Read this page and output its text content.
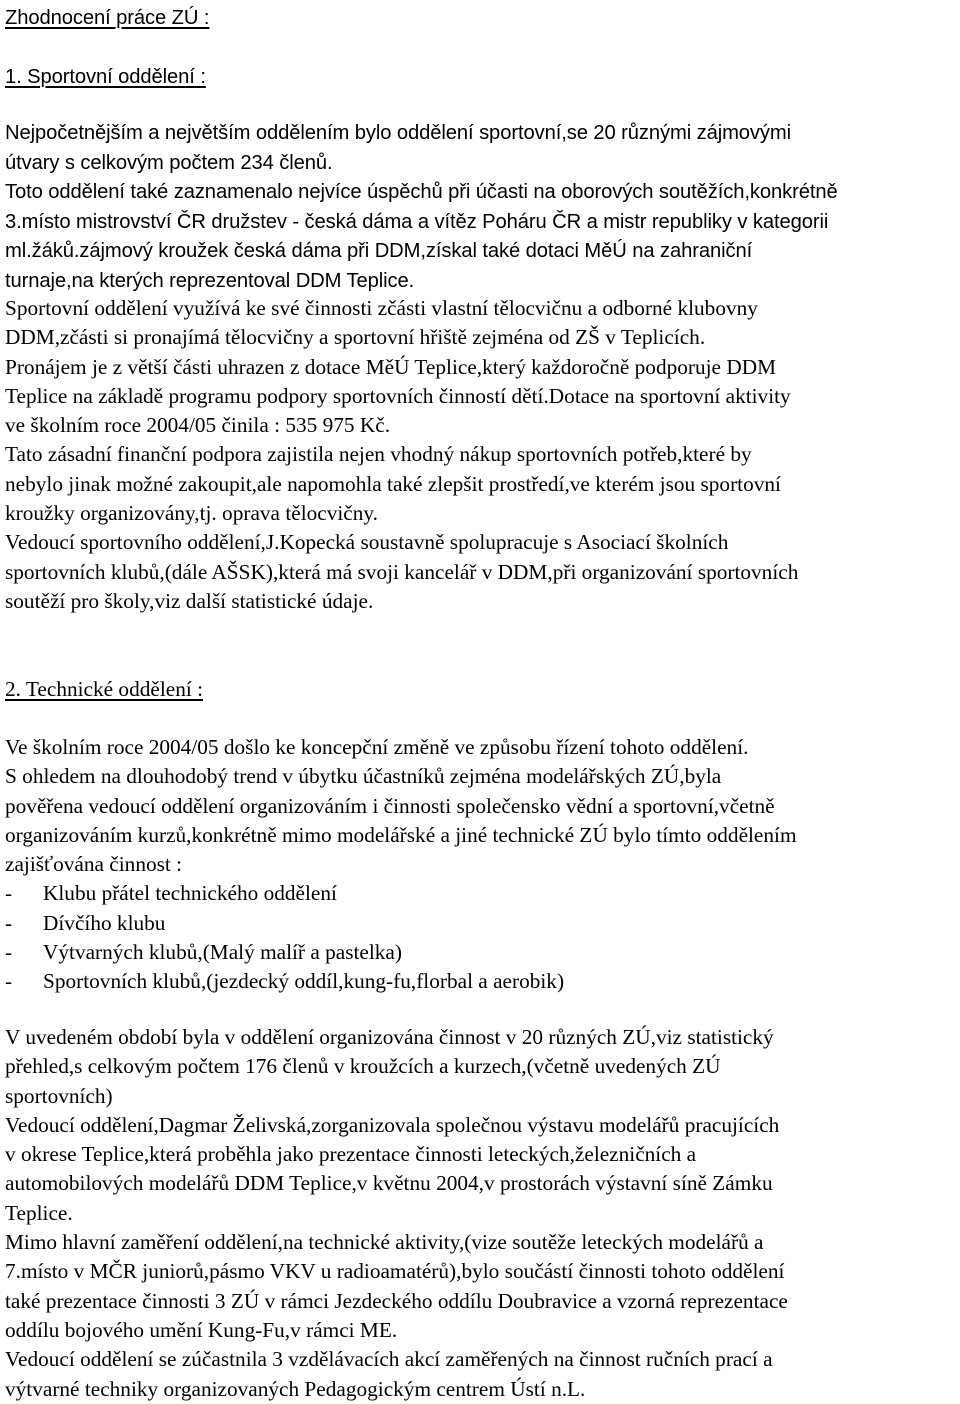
Zhodnocení práce ZÚ :
1. Sportovní oddělení :
Nejpočetnějším a největším oddělením bylo oddělení sportovní,se 20 různými zájmovými
útvary s celkovým počtem 234 členů.
Toto oddělení také zaznamenalo nejvíce úspěchů při účasti na oborových soutěžích,konkrétně
3.místo mistrovství ČR družstev - česká dáma a vítěz Poháru ČR a mistr republiky v kategorii
ml.žáků.zájmový kroužek česká dáma při DDM,získal také dotaci MěÚ na zahraniční
turnaje,na kterých reprezentoval DDM Teplice.
Sportovní oddělení využívá ke své činnosti zčásti vlastní tělocvičnu a odborné klubovny
DDM,zčásti si pronajímá tělocvičny a sportovní hřiště zejména od ZŠ v Teplicích.
Pronájem je z větší části uhrazen z dotace MěÚ Teplice,který každoročně podporuje DDM
Teplice na základě programu podpory sportovních činností dětí.Dotace na sportovní aktivity
ve školním roce 2004/05 činila : 535 975 Kč.
Tato zásadní finanční podpora zajistila nejen vhodný nákup sportovních potřeb,které by
nebylo jinak možné zakoupit,ale napomohla také zlepšit prostředí,ve kterém jsou sportovní
kroužky organizovány,tj. oprava tělocvičny.
Vedoucí sportovního oddělení,J.Kopecká soustavně spolupracuje s Asociací školních
sportovních klubů,(dále AŠSK),která má svoji kancelář v DDM,při organizování sportovních
soutěží pro školy,viz další statistické údaje.
2. Technické oddělení :
Ve školním roce 2004/05 došlo ke koncepční změně ve způsobu řízení tohoto oddělení.
S ohledem na dlouhodobý trend v úbytku účastníků zejména modelářských ZÚ,byla
pověřena vedoucí oddělení organizováním i činnosti společensko vědní a sportovní,včetně
organizováním kurzů,konkrétně mimo modelářské a jiné technické ZÚ bylo tímto oddělením
zajišťována činnost :
- Klubu přátel technického oddělení
- Dívčího klubu
- Výtvarných klubů,(Malý malíř a pastelka)
- Sportovních klubů,(jezdecký oddíl,kung-fu,florbal a aerobik)
V uvedeném období byla v oddělení organizována činnost v 20 různých ZÚ,viz statistický
přehled,s celkovým počtem 176 členů v kroužcích a kurzech,(včetně uvedených ZÚ
sportovních)
Vedoucí oddělení,Dagmar Želivská,zorganizovala společnou výstavu modelářů pracujících
v okrese Teplice,která proběhla jako prezentace činnosti leteckých,železničních a
automobilových modelářů DDM Teplice,v květnu 2004,v prostorách výstavní síně Zámku
Teplice.
Mimo hlavní zaměření oddělení,na technické aktivity,(vize soutěže leteckých modelářů a
7.místo v MČR juniorů,pásmo VKV u radioamatérů),bylo součástí činnosti tohoto oddělení
také prezentace činnosti 3 ZÚ v rámci Jezdeckého oddílu Doubravice a vzorná reprezentace
oddílu bojového umění Kung-Fu,v rámci ME.
Vedoucí oddělení se zúčastnila 3 vzdělávacích akcí zaměřených na činnost ručních prací a
výtvarné techniky organizovaných Pedagogickým centrem Ústí n.L.
